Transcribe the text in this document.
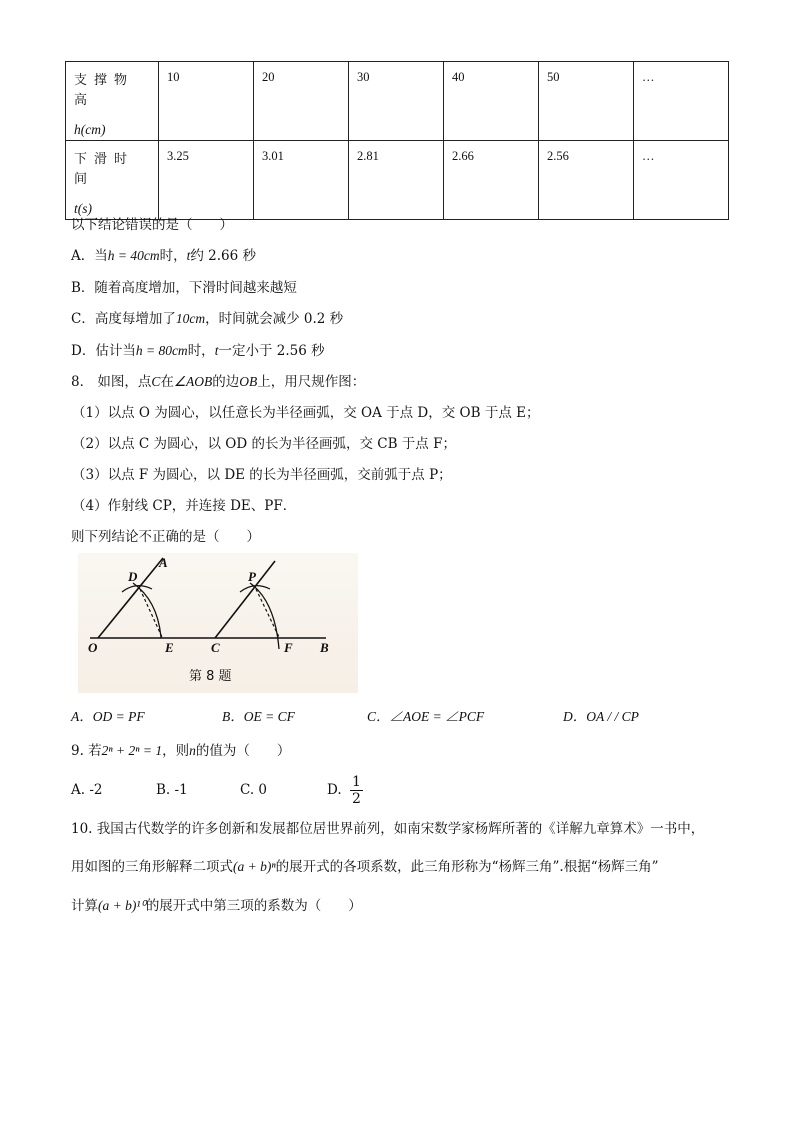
支撑物高
h(cm)	10	20	30	40	50	…

下滑时间
t(s)	3.25	3.01	2.81	2.66	2.56	…
以下结论错误的是（　　）
A．当h = 40cm时，t约 2.66 秒
B．随着高度增加，下滑时间越来越短
C．高度每增加了10cm，时间就会减少 0.2 秒
D．估计当h = 80cm时，t一定小于 2.56 秒
8． 如图，点C在∠AOB的边OB上，用尺规作图：
（1）以点 O 为圆心，以任意长为半径画弧，交 OA 于点 D，交 OB 于点 E；
（2）以点 C 为圆心，以 OD 的长为半径画弧，交 CB 于点 F；
（3）以点 F 为圆心，以 DE 的长为半径画弧，交前弧于点 P；
（4）作射线 CP，并连接 DE、PF．
则下列结论不正确的是（　　）
A
D	P
O	E	C	F B
第 8 题
A．OD = PF	B．OE = CF	C．∠AOE = ∠PCF	D．OA / / CP
9. 若2ⁿ + 2ⁿ = 1，则n的值为（　　）
A. -2	B. -1	C. 0	D. $\frac{1}{2}$
10. 我国古代数学的许多创新和发展都位居世界前列，如南宋数学家杨辉所著的《详解九章算术》一书中，
用如图的三角形解释二项式(a + b)ⁿ的展开式的各项系数，此三角形称为“杨辉三角”.根据“杨辉三角”
计算(a + b)¹⁰的展开式中第三项的系数为（　　）
